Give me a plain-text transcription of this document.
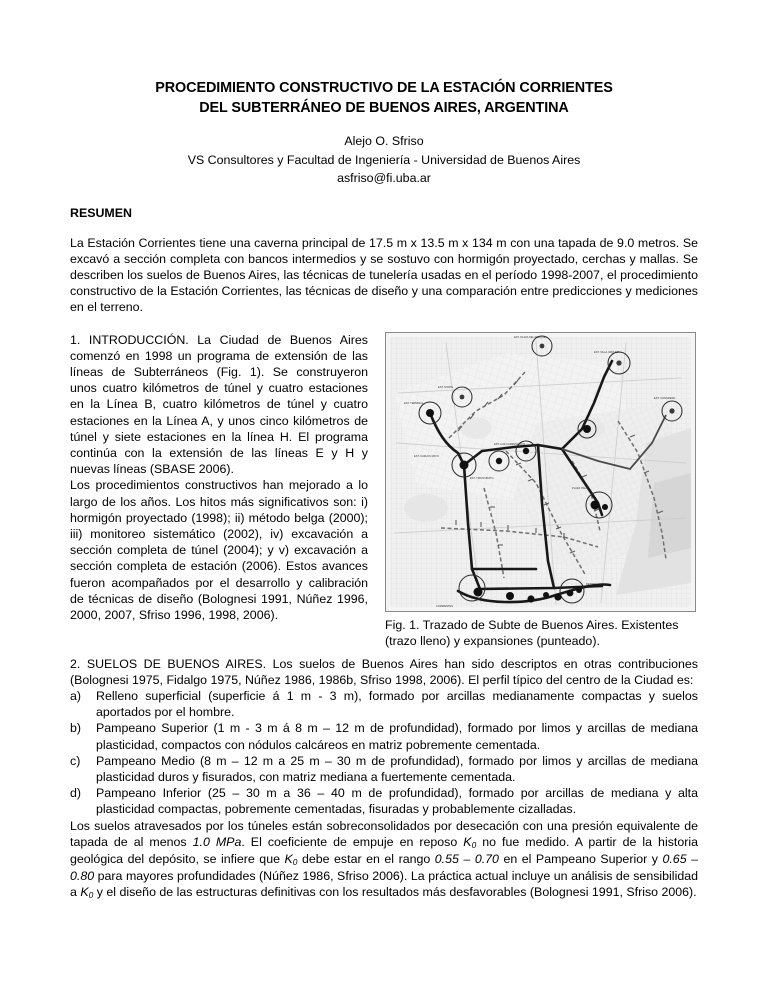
PROCEDIMIENTO CONSTRUCTIVO DE LA ESTACIÓN CORRIENTES
DEL SUBTERRÁNEO DE BUENOS AIRES, ARGENTINA
Alejo O. Sfriso
VS Consultores y Facultad de Ingeniería - Universidad de Buenos Aires
asfriso@fi.uba.ar
RESUMEN

La Estación Corrientes tiene una caverna principal de 17.5 m x 13.5 m x 134 m con una tapada de 9.0 metros. Se excavó a sección completa con bancos intermedios y se sostuvo con hormigón proyectado, cerchas y mallas. Se describen los suelos de Buenos Aires, las técnicas de tunelería usadas en el período 1998-2007, el procedimiento constructivo de la Estación Corrientes, las técnicas de diseño y una comparación entre predicciones y mediciones en el terreno.

1. INTRODUCCIÓN. La Ciudad de Buenos Aires comenzó en 1998 un programa de extensión de las líneas de Subterráneos (Fig. 1). Se construyeron unos cuatro kilómetros de túnel y cuatro estaciones en la Línea B, cuatro kilómetros de túnel y cuatro estaciones en la Línea A, y unos cinco kilómetros de túnel y siete estaciones en la línea H. El programa continúa con la extensión de las líneas E y H y nuevas líneas (SBASE 2006).

Los procedimientos constructivos han mejorado a lo largo de los años. Los hitos más significativos son: i) hormigón proyectado (1998); ii) método belga (2000); iii) monitoreo sistemático (2002), iv) excavación a sección completa de túnel (2004); y v) excavación a sección completa de estación (2006). Estos avances fueron acompañados por el desarrollo y calibración de técnicas de diseño (Bolognesi 1991, Núñez 1996, 2000, 2007, Sfriso 1996, 1998, 2006).

EST. TERMINAL
EST. NORTE
EST. PLAZA DEL PARQUE
EST. VILLA URQUIZA
EST. CONGRESO
EST. LOS CAMPANARIOS
EST. CARLOS MAYO
EST. TRIUNVIRATO
PLAZA ITALIA
CORRIENTES
RETIRO
Fig. 1. Trazado de Subte de Buenos Aires. Existentes (trazo lleno) y expansiones (punteado).

2. SUELOS DE BUENOS AIRES. Los suelos de Buenos Aires han sido descriptos en otras contribuciones (Bolognesi 1975, Fidalgo 1975, Núñez 1986, 1986b, Sfriso 1998, 2006). El perfil típico del centro de la Ciudad es:

a) Relleno superficial (superficie á 1 m - 3 m), formado por arcillas medianamente compactas y suelos aportados por el hombre.
b) Pampeano Superior (1 m - 3 m á 8 m – 12 m de profundidad), formado por limos y arcillas de mediana plasticidad, compactos con nódulos calcáreos en matriz pobremente cementada.
c) Pampeano Medio (8 m – 12 m a 25 m – 30 m de profundidad), formado por limos y arcillas de mediana plasticidad duros y fisurados, con matriz mediana a fuertemente cementada.
d) Pampeano Inferior (25 – 30 m a 36 – 40 m de profundidad), formado por arcillas de mediana y alta plasticidad compactas, pobremente cementadas, fisuradas y probablemente cizalladas.

Los suelos atravesados por los túneles están sobreconsolidados por desecación con una presión equivalente de tapada de al menos 1.0 MPa. El coeficiente de empuje en reposo $K_0$ no fue medido. A partir de la historia geológica del depósito, se infiere que $K_0$ debe estar en el rango 0.55 – 0.70 en el Pampeano Superior y 0.65 – 0.80 para mayores profundidades (Núñez 1986, Sfriso 2006). La práctica actual incluye un análisis de sensibilidad a $K_0$ y el diseño de las estructuras definitivas con los resultados más desfavorables (Bolognesi 1991, Sfriso 2006).
